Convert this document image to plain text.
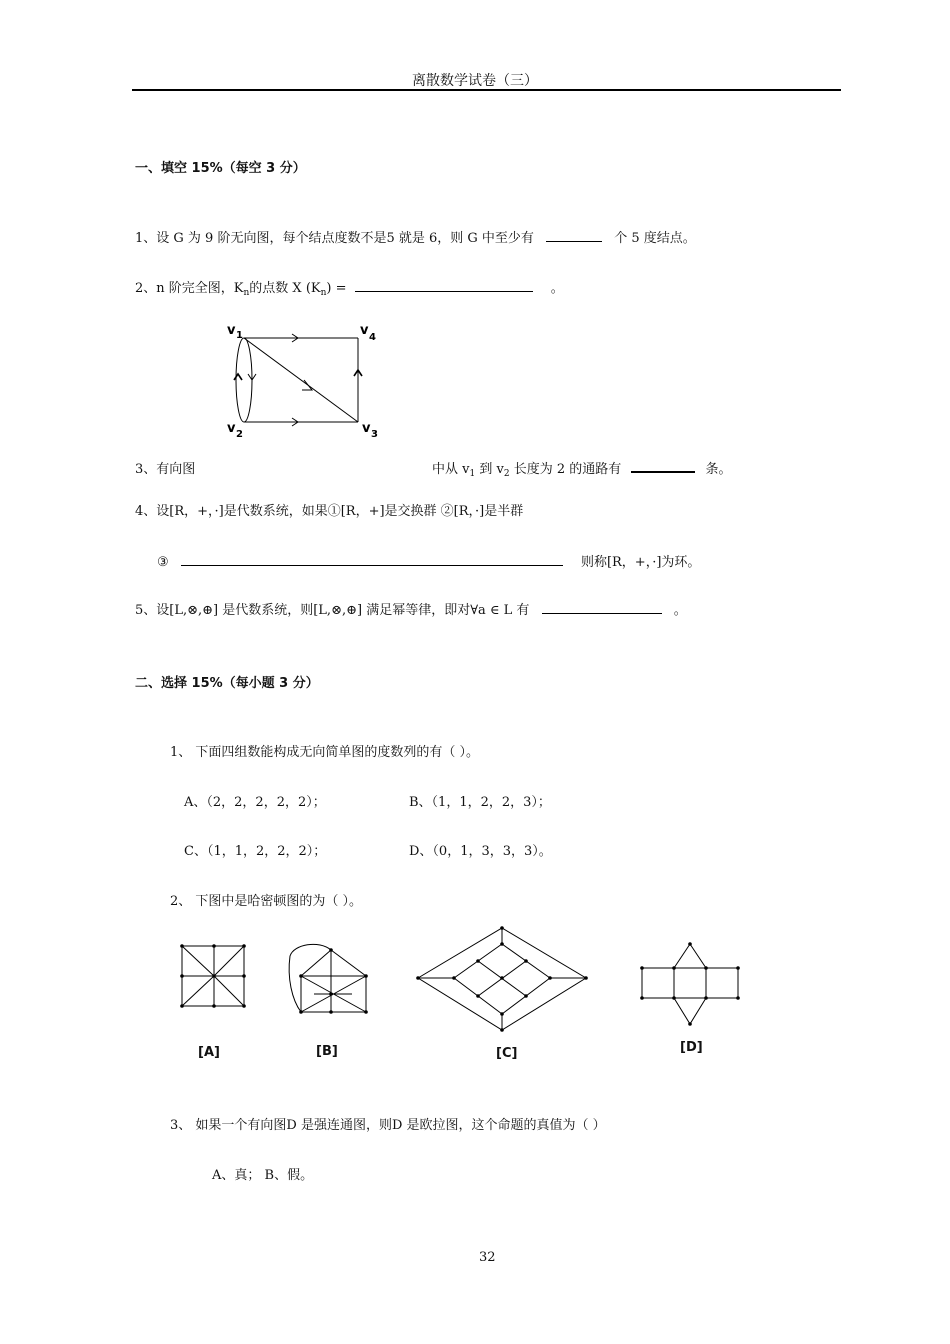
离散数学试卷（三）
一、填空 15%（每空 3 分）
1、设 G 为 9 阶无向图，每个结点度数不是5 就是 6，则 G 中至少有	个 5 度结点。
2、n 阶完全图，$K_n$的点数 X $(K_n)$ =	。
v 1	v 4
v 2	v 3
3、有向图	中从 $v_1$ 到 $v_2$ 长度为 2 的通路有	条。
4、设[R，+，·]是代数系统，如果①[R，+]是交换群 ②[R，·]是半群
③	则称[R，+，·]为环。
5、设[L,⊗,⊕] 是代数系统，则[L,⊗,⊕] 满足幂等律，即对∀a ∈ L 有	。
二、选择 15%（每小题 3 分）
1、 下面四组数能构成无向简单图的度数列的有（ ）。
A、（2，2，2，2，2）；	B、（1，1，2，2，3）；
C、（1，1，2，2，2）；	D、（0，1，3，3，3）。
2、 下图中是哈密顿图的为（ ）。
[A]	[B]	[C]	[D]
3、 如果一个有向图D 是强连通图，则D 是欧拉图，这个命题的真值为（ ）
A、真； B、假。
32
